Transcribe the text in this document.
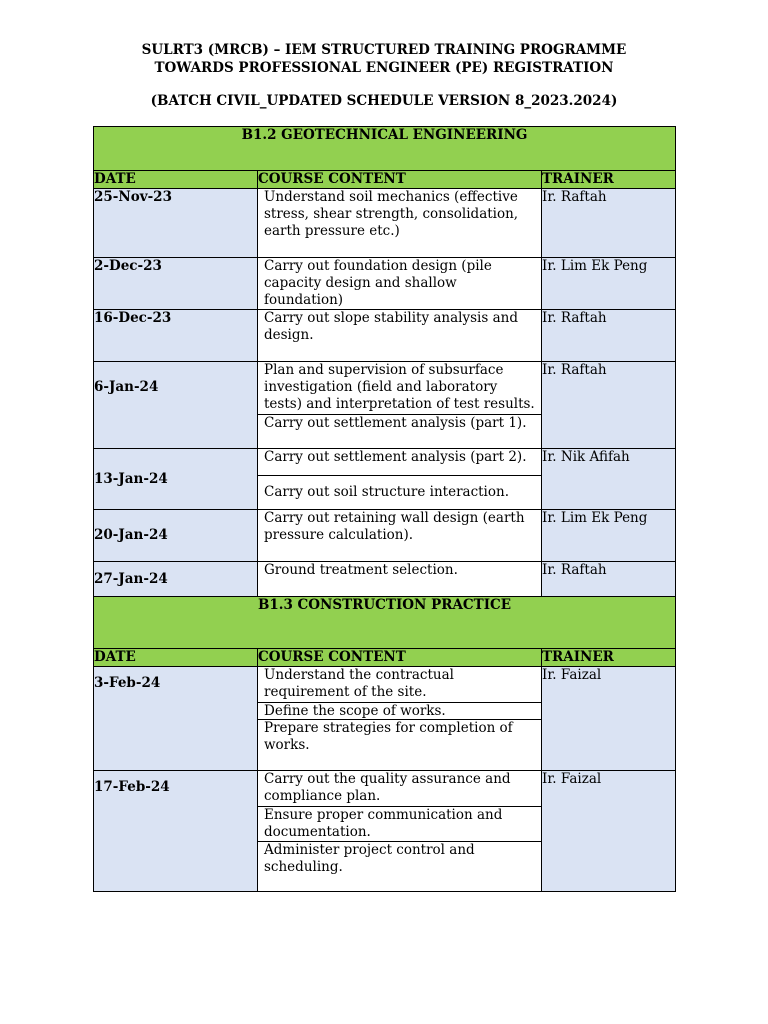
SULRT3 (MRCB) – IEM STRUCTURED TRAINING PROGRAMME
TOWARDS PROFESSIONAL ENGINEER (PE) REGISTRATION
(BATCH CIVIL_UPDATED SCHEDULE VERSION 8_2023.2024)
B1.2 GEOTECHNICAL ENGINEERING		
DATE	COURSE CONTENT	TRAINER
25-Nov-23	Understand soil mechanics (effective stress, shear strength, consolidation, earth pressure etc.)	Ir. Raftah
2-Dec-23	Carry out foundation design (pile capacity design and shallow foundation)	Ir. Lim Ek Peng
16-Dec-23	Carry out slope stability analysis and design.	Ir. Raftah
6-Jan-24	Plan and supervision of subsurface investigation (field and laboratory tests) and interpretation of test results.
Carry out settlement analysis (part 1).	Ir. Raftah
13-Jan-24	Carry out settlement analysis (part 2).
Carry out soil structure interaction.	Ir. Nik Afifah
20-Jan-24	Carry out retaining wall design (earth pressure calculation).	Ir. Lim Ek Peng
27-Jan-24	Ground treatment selection.	Ir. Raftah
B1.3 CONSTRUCTION PRACTICE		
DATE	COURSE CONTENT	TRAINER
3-Feb-24	Understand the contractual requirement of the site.
Define the scope of works.
Prepare strategies for completion of works.	Ir. Faizal
17-Feb-24	Carry out the quality assurance and compliance plan.
Ensure proper communication and documentation.
Administer project control and scheduling.	Ir. Faizal
